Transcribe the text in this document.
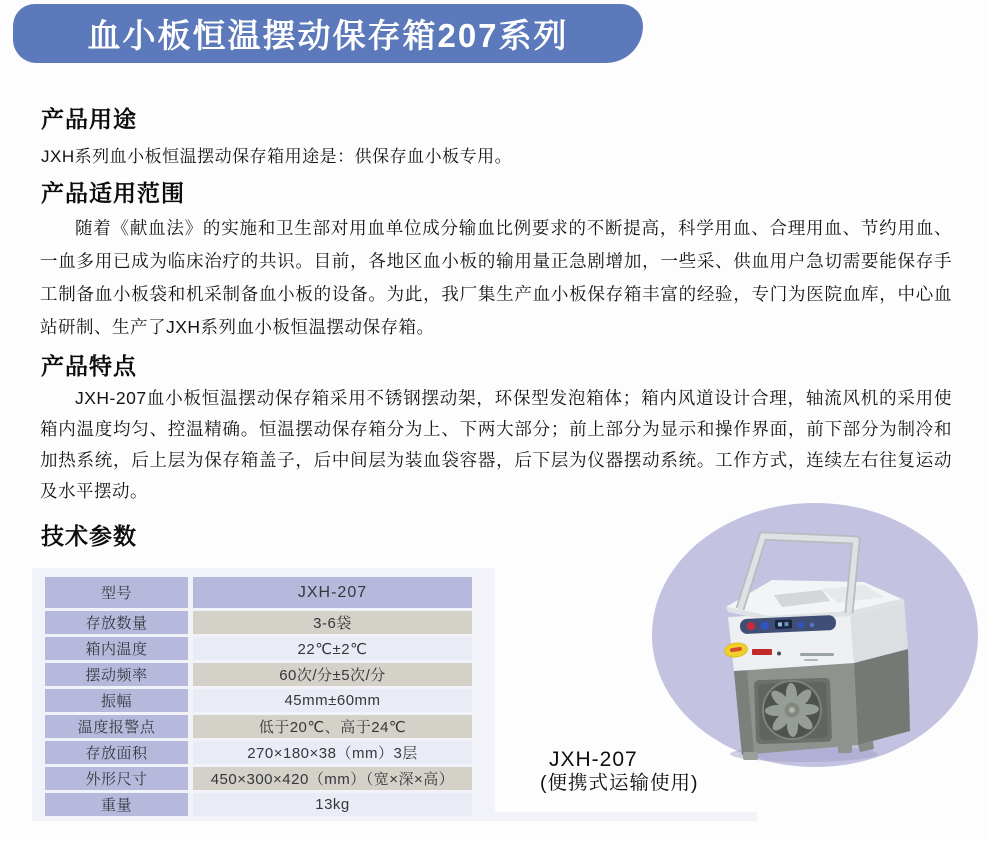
血小板恒温摆动保存箱207系列
产品用途
JXH系列血小板恒温摆动保存箱用途是：供保存血小板专用。
产品适用范围
随着《献血法》的实施和卫生部对用血单位成分输血比例要求的不断提高，科学用血、合理用血、节约用血、一血多用已成为临床治疗的共识。目前，各地区血小板的输用量正急剧增加，一些采、供血用户急切需要能保存手工制备血小板袋和机采制备血小板的设备。为此，我厂集生产血小板保存箱丰富的经验，专门为医院血库，中心血站研制、生产了JXH系列血小板恒温摆动保存箱。
产品特点
JXH-207血小板恒温摆动保存箱采用不锈钢摆动架，环保型发泡箱体；箱内风道设计合理，轴流风机的采用使箱内温度均匀、控温精确。恒温摆动保存箱分为上、下两大部分；前上部分为显示和操作界面，前下部分为制冷和加热系统，后上层为保存箱盖子，后中间层为装血袋容器，后下层为仪器摆动系统。工作方式，连续左右往复运动及水平摆动。
技术参数
型号	JXH-207
存放数量	3-6袋
箱内温度	22℃±2℃
摆动频率	60次/分±5次/分
振幅	45mm±60mm
温度报警点	低于20℃、高于24℃
存放面积	270×180×38（mm）3层
外形尺寸	450×300×420（mm）（宽×深×高）
重量	13kg
JXH-207
(便携式运输使用)
